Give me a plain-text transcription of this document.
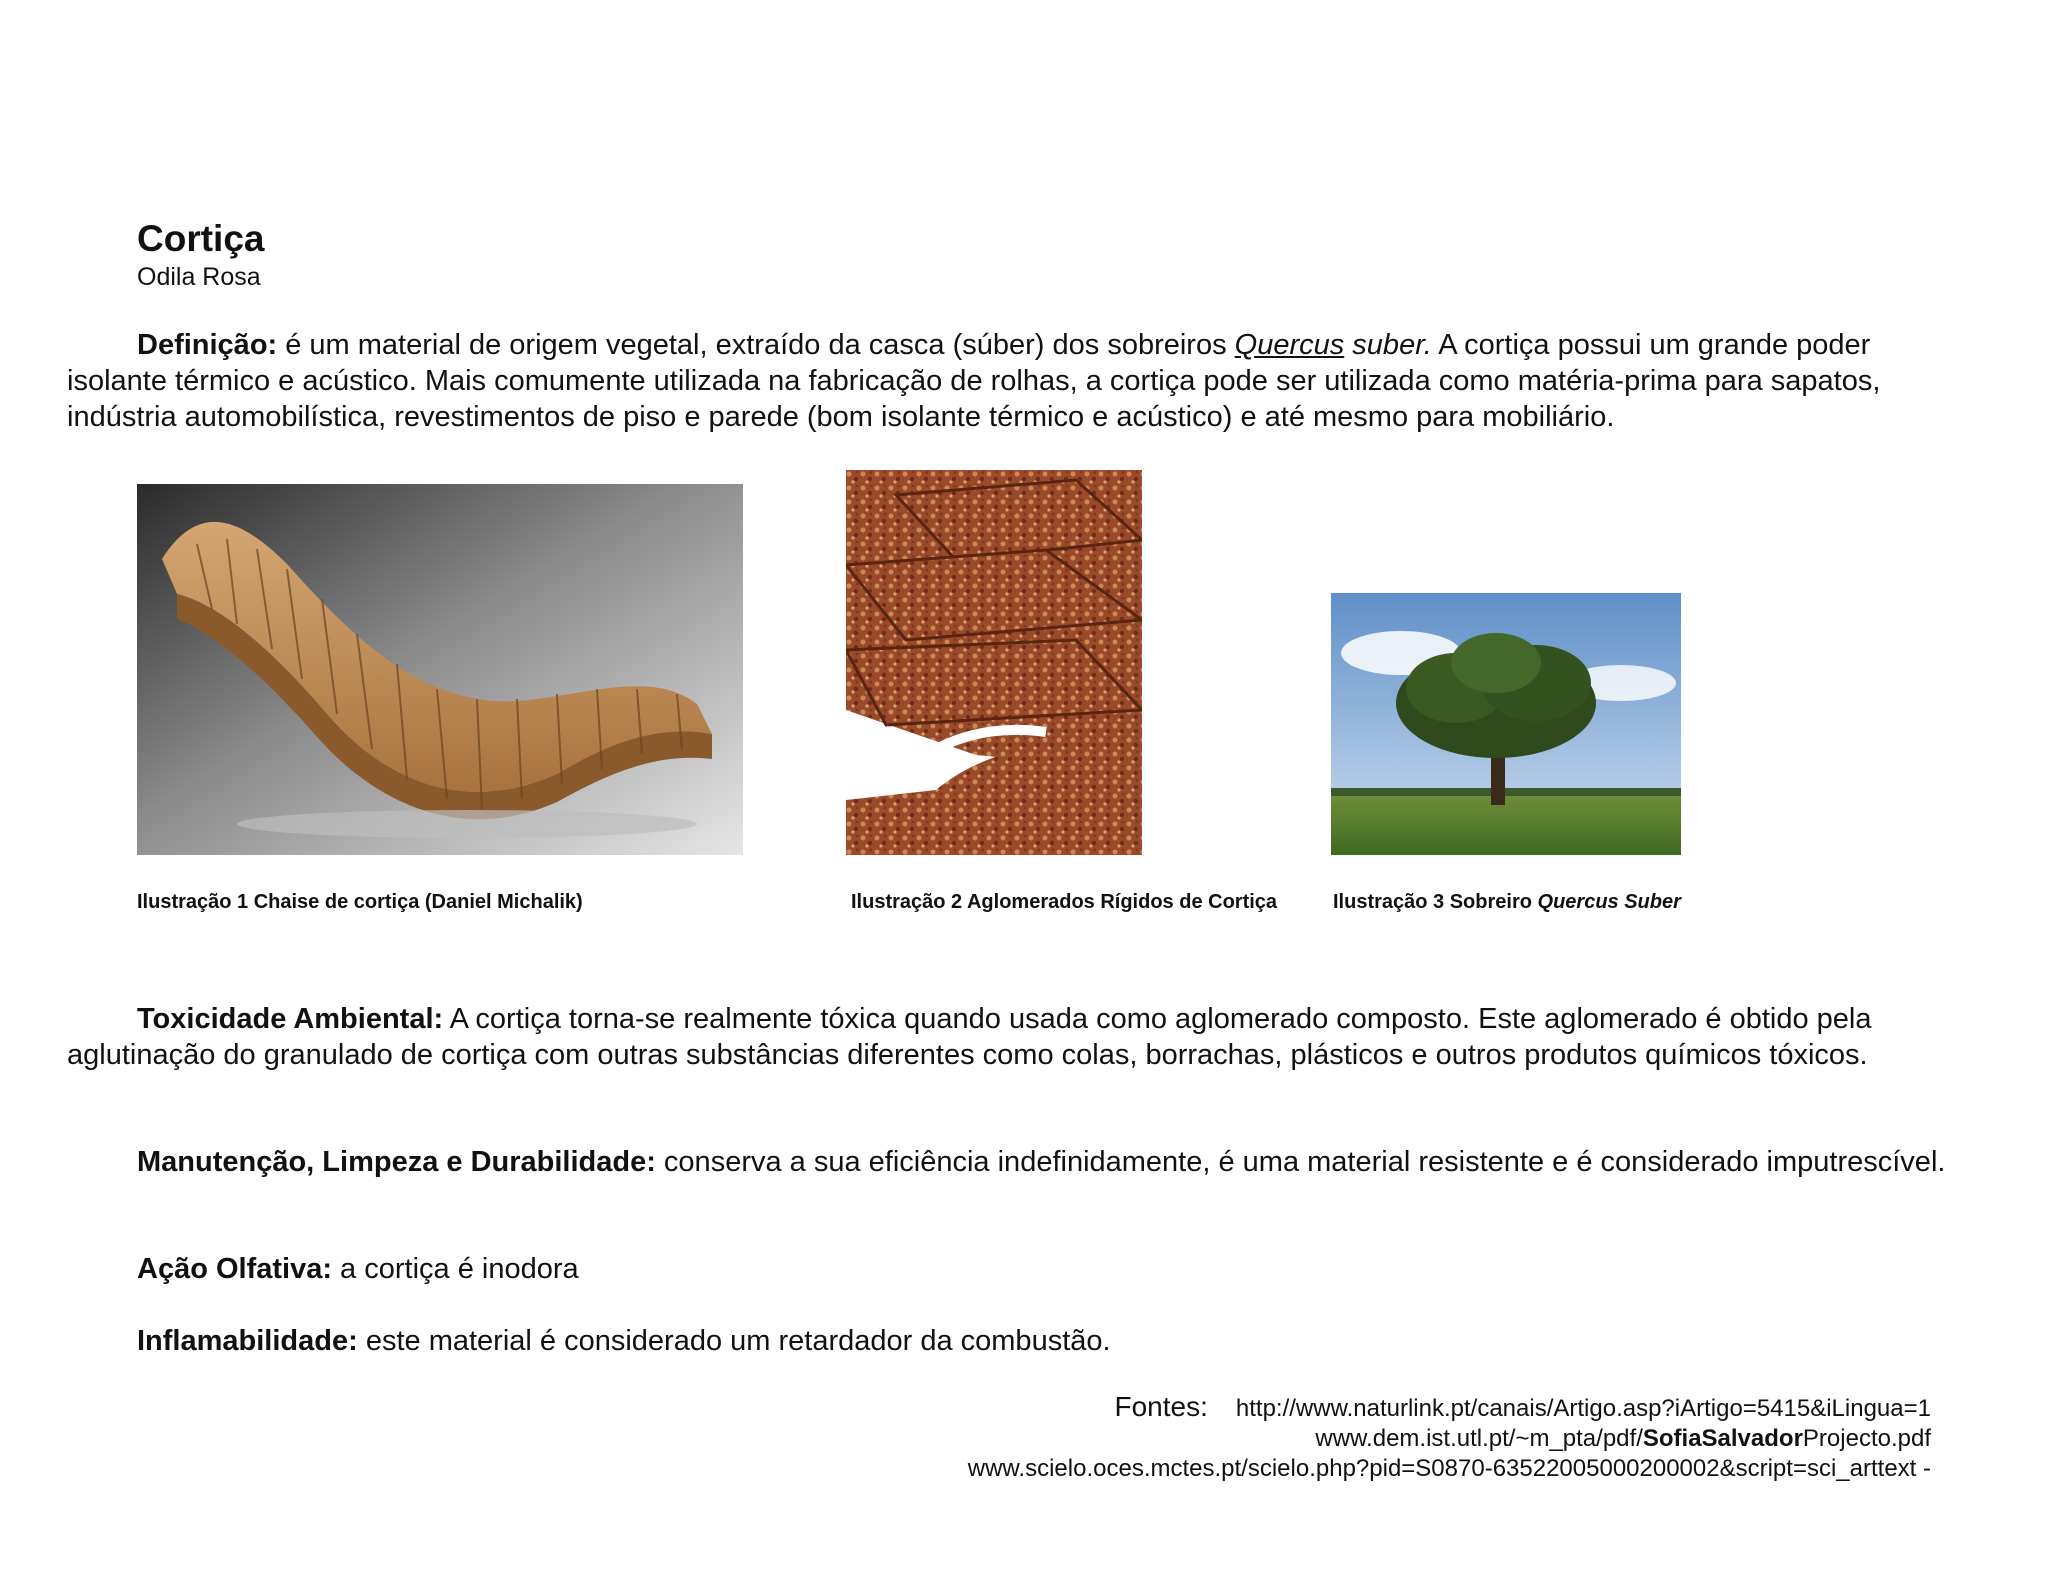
Cortiça
Odila Rosa
Definição: é um material de origem vegetal, extraído da casca (súber) dos sobreiros Quercus suber. A cortiça possui um grande poder isolante térmico e acústico. Mais comumente utilizada na fabricação de rolhas, a cortiça pode ser utilizada como matéria-prima para sapatos, indústria automobilística, revestimentos de piso e parede (bom isolante térmico e acústico) e até mesmo para mobiliário.
Ilustração 1 Chaise de cortiça (Daniel Michalik)	Ilustração 2 Aglomerados Rígidos de Cortiça	Ilustração 3 Sobreiro Quercus Suber
Toxicidade Ambiental: A cortiça torna-se realmente tóxica quando usada como aglomerado composto. Este aglomerado é obtido pela aglutinação do granulado de cortiça com outras substâncias diferentes como colas, borrachas, plásticos e outros produtos químicos tóxicos.
Manutenção, Limpeza e Durabilidade: conserva a sua eficiência indefinidamente, é uma material resistente e é considerado imputrescível.
Ação Olfativa: a cortiça é inodora
Inflamabilidade: este material é considerado um retardador da combustão.
Fontes: http://www.naturlink.pt/canais/Artigo.asp?iArtigo=5415&iLingua=1
www.dem.ist.utl.pt/~m_pta/pdf/SofiaSalvadorProjecto.pdf
www.scielo.oces.mctes.pt/scielo.php?pid=S0870-63522005000200002&script=sci_arttext -
